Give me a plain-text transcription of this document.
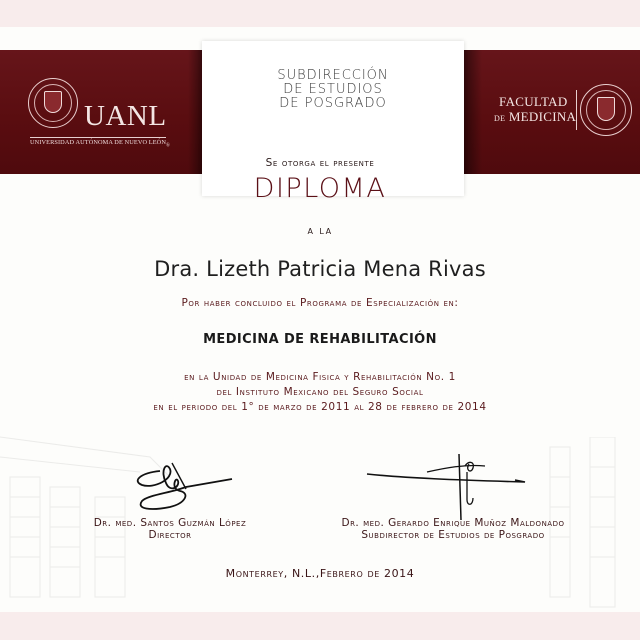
UANL
UNIVERSIDAD AUTÓNOMA DE NUEVO $LEÓN_®$
FACULTAD
DE MEDICINA
SUBDIRECCIÓN
DE ESTUDIOS
DE POSGRADO
Se otorga el presente
DIPLOMA
a la
Dra. Lizeth Patricia Mena Rivas
Por haber concluido el Programa de Especialización en:
MEDICINA DE REHABILITACIÓN
en la Unidad de Medicina Fisica y Rehabilitación No. 1
del Instituto Mexicano del Seguro Social
en el periodo del 1° de marzo de 2011 al 28 de febrero de 2014
Dr. med. Santos Guzmán López
Director
Dr. med. Gerardo Enrique Muñoz Maldonado
Subdirector de Estudios de Posgrado
Monterrey, N.L.,Febrero de 2014
